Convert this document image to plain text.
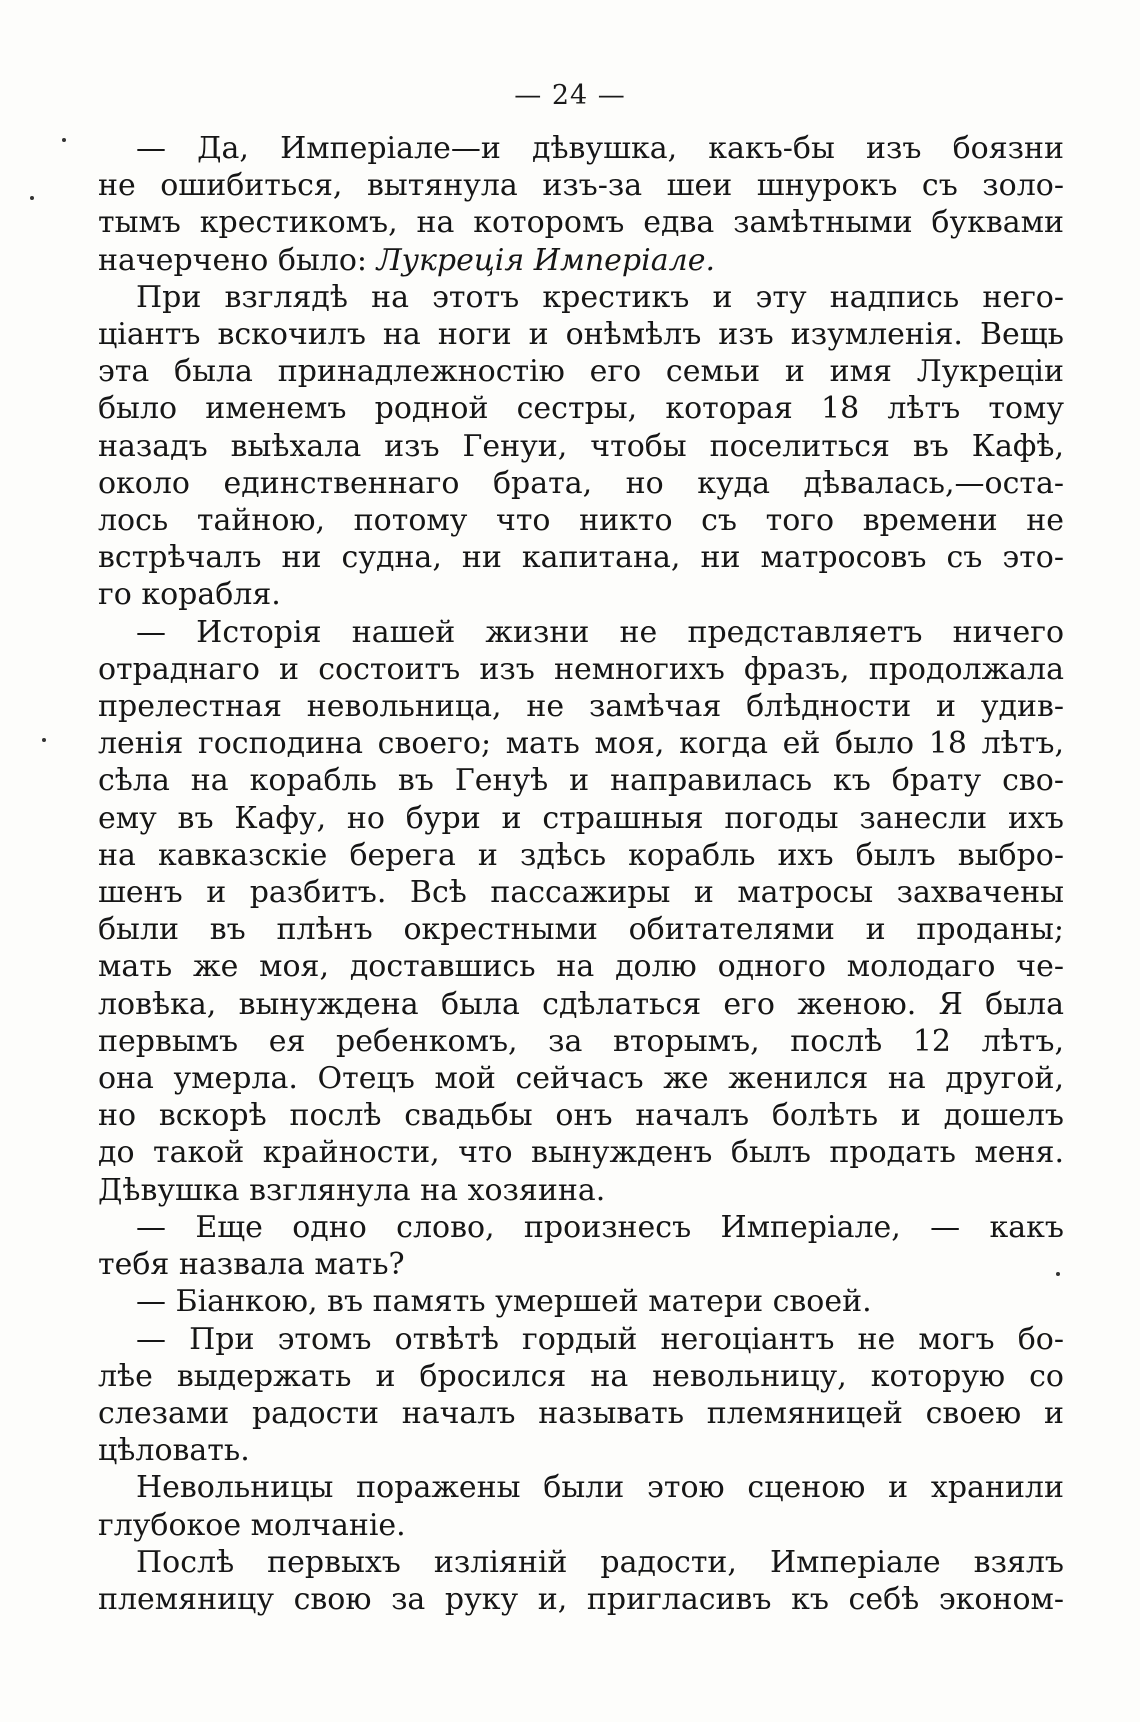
— 24 —
— Да, Имперіале—и дѣвушка, какъ-бы изъ боязни
не ошибиться, вытянула изъ-за шеи шнурокъ съ золо-
тымъ крестикомъ, на которомъ едва замѣтными буквами
начерчено было: Лукреція Имперіале.
При взглядѣ на этотъ крестикъ и эту надпись него-
ціантъ вскочилъ на ноги и онѣмѣлъ изъ изумленія. Вещь
эта была принадлежностію его семьи и имя Лукреціи
было именемъ родной сестры, которая 18 лѣтъ тому
назадъ выѣхала изъ Генуи, чтобы поселиться въ Кафѣ,
около единственнаго брата, но куда дѣвалась,—оста-
лось тайною, потому что никто съ того времени не
встрѣчалъ ни судна, ни капитана, ни матросовъ съ это-
го корабля.
— Исторія нашей жизни не представляетъ ничего
отраднаго и состоитъ изъ немногихъ фразъ, продолжала
прелестная невольница, не замѣчая блѣдности и удив-
ленія господина своего; мать моя, когда ей было 18 лѣтъ,
сѣла на корабль въ Генуѣ и направилась къ брату сво-
ему въ Кафу, но бури и страшныя погоды занесли ихъ
на кавказскіе берега и здѣсь корабль ихъ былъ выбро-
шенъ и разбитъ. Всѣ пассажиры и матросы захвачены
были въ плѣнъ окрестными обитателями и проданы;
мать же моя, доставшись на долю одного молодаго че-
ловѣка, вынуждена была сдѣлаться его женою. Я была
первымъ ея ребенкомъ, за вторымъ, послѣ 12 лѣтъ,
она умерла. Отецъ мой сейчасъ же женился на другой,
но вскорѣ послѣ свадьбы онъ началъ болѣть и дошелъ
до такой крайности, что вынужденъ былъ продать меня.
Дѣвушка взглянула на хозяина.
— Еще одно слово, произнесъ Имперіале, — какъ
тебя назвала мать?
— Біанкою, въ память умершей матери своей.
— При этомъ отвѣтѣ гордый негоціантъ не могъ бо-
лѣе выдержать и бросился на невольницу, которую со
слезами радости началъ называть племяницей своею и
цѣловать.
Невольницы поражены были этою сценою и хранили
глубокое молчаніе.
Послѣ первыхъ изліяній радости, Имперіале взялъ
племяницу свою за руку и, пригласивъ къ себѣ эконом-
